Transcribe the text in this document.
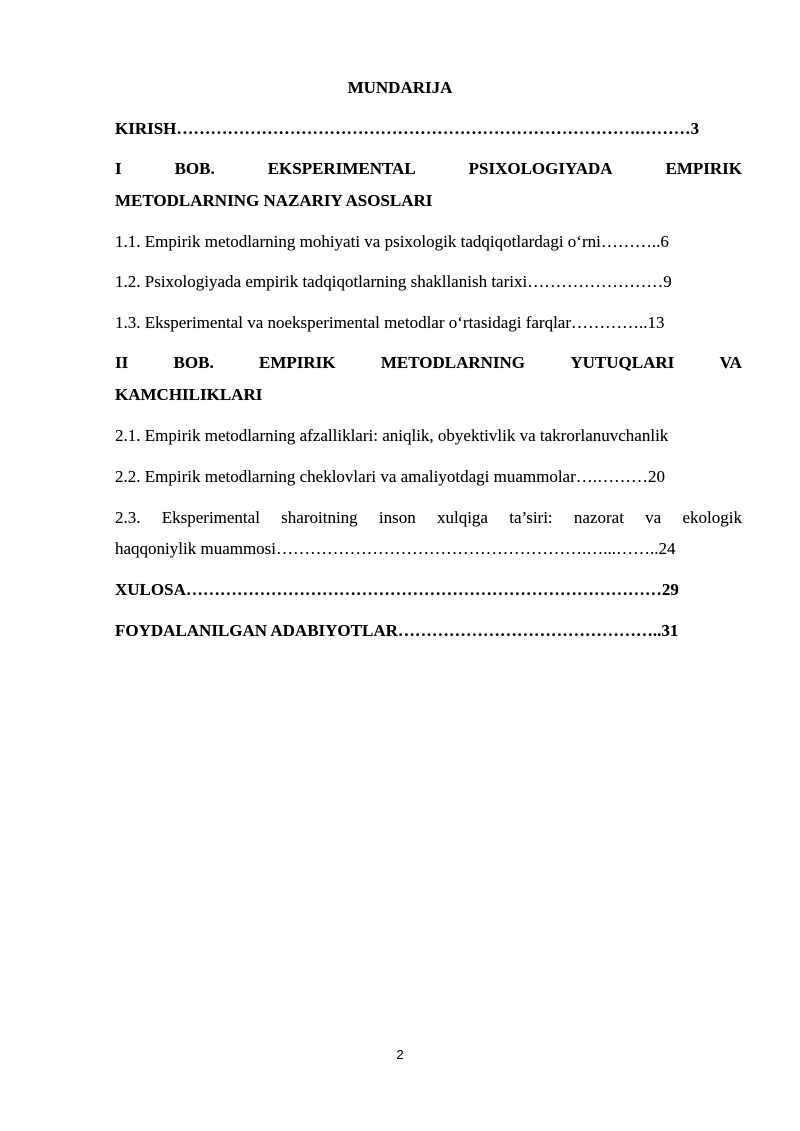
MUNDARIJA
KIRISH……………………………………………………………………….………3
I	BOB.	EKSPERIMENTAL	PSIXOLOGIYADA	EMPIRIK
METODLARNING NAZARIY ASOSLARI
1.1. Empirik metodlarning mohiyati va psixologik tadqiqotlardagi oʻrni………..6
1.2. Psixologiyada empirik tadqiqotlarning shakllanish tarixi……………………9
1.3. Eksperimental va noeksperimental metodlar oʻrtasidagi farqlar…………..13
II	BOB.	EMPIRIK	METODLARNING	YUTUQLARI	VA
KAMCHILIKLARI
2.1. Empirik metodlarning afzalliklari: aniqlik, obyektivlik va takrorlanuvchanlik
2.2. Empirik metodlarning cheklovlari va amaliyotdagi muammolar….………20
2.3. Eksperimental sharoitning inson xulqiga ta’siri: nazorat va ekologik
haqqoniylik muammosi……………………………………………….…...……..24
XULOSA…………………………………………………………………………29
FOYDALANILGAN ADABIYOTLAR………………………………………..31
2
